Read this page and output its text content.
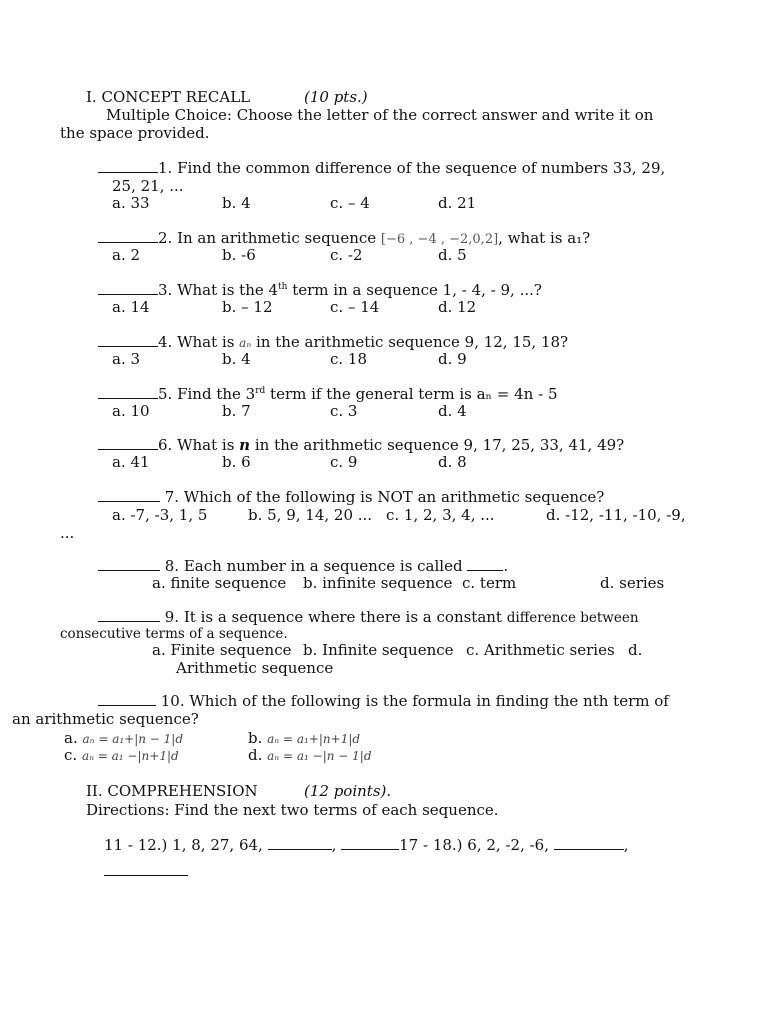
I. CONCEPT RECALL	(10 pts.)
Multiple Choice: Choose the letter of the correct answer and write it on
the space provided.
1. Find the common difference of the sequence of numbers 33, 29,
25, 21, ...
a. 33	b. 4	c. – 4	d. 21
2. In an arithmetic sequence [−6 , −4 , −2,0,2], what is a₁?
a. 2	b. -6	c. -2	d. 5
3. What is the 4th term in a sequence 1, - 4, - 9, ...?
a. 14	b. – 12	c. – 14	d. 12
4. What is aₙ in the arithmetic sequence 9, 12, 15, 18?
a. 3	b. 4	c. 18	d. 9
5. Find the 3rd term if the general term is aₙ = 4n - 5
a. 10	b. 7	c. 3	d. 4
6. What is n in the arithmetic sequence 9, 17, 25, 33, 41, 49?
a. 41	b. 6	c. 9	d. 8
7. Which of the following is NOT an arithmetic sequence?
a. -7, -3, 1, 5	b. 5, 9, 14, 20 ... c. 1, 2, 3, 4, ...	d. -12, -11, -10, -9,
...
8. Each number in a sequence is called .
a. finite sequence b. infinite sequence c. term	d. series
9. It is a sequence where there is a constant difference between
consecutive terms of a sequence.
a. Finite sequence b. Infinite sequence c. Arithmetic series d.
Arithmetic sequence
10. Which of the following is the formula in finding the nth term of
an arithmetic sequence?
a. aₙ = a₁+|n − 1|d	b. aₙ = a₁+|n+1|d
c. aₙ = a₁ −|n+1|d	d. aₙ = a₁ −|n − 1|d
II. COMPREHENSION	(12 points).
Directions: Find the next two terms of each sequence.
11 - 12.) 1, 8, 27, 64,	,	17 - 18.) 6, 2, -2, -6,	,
